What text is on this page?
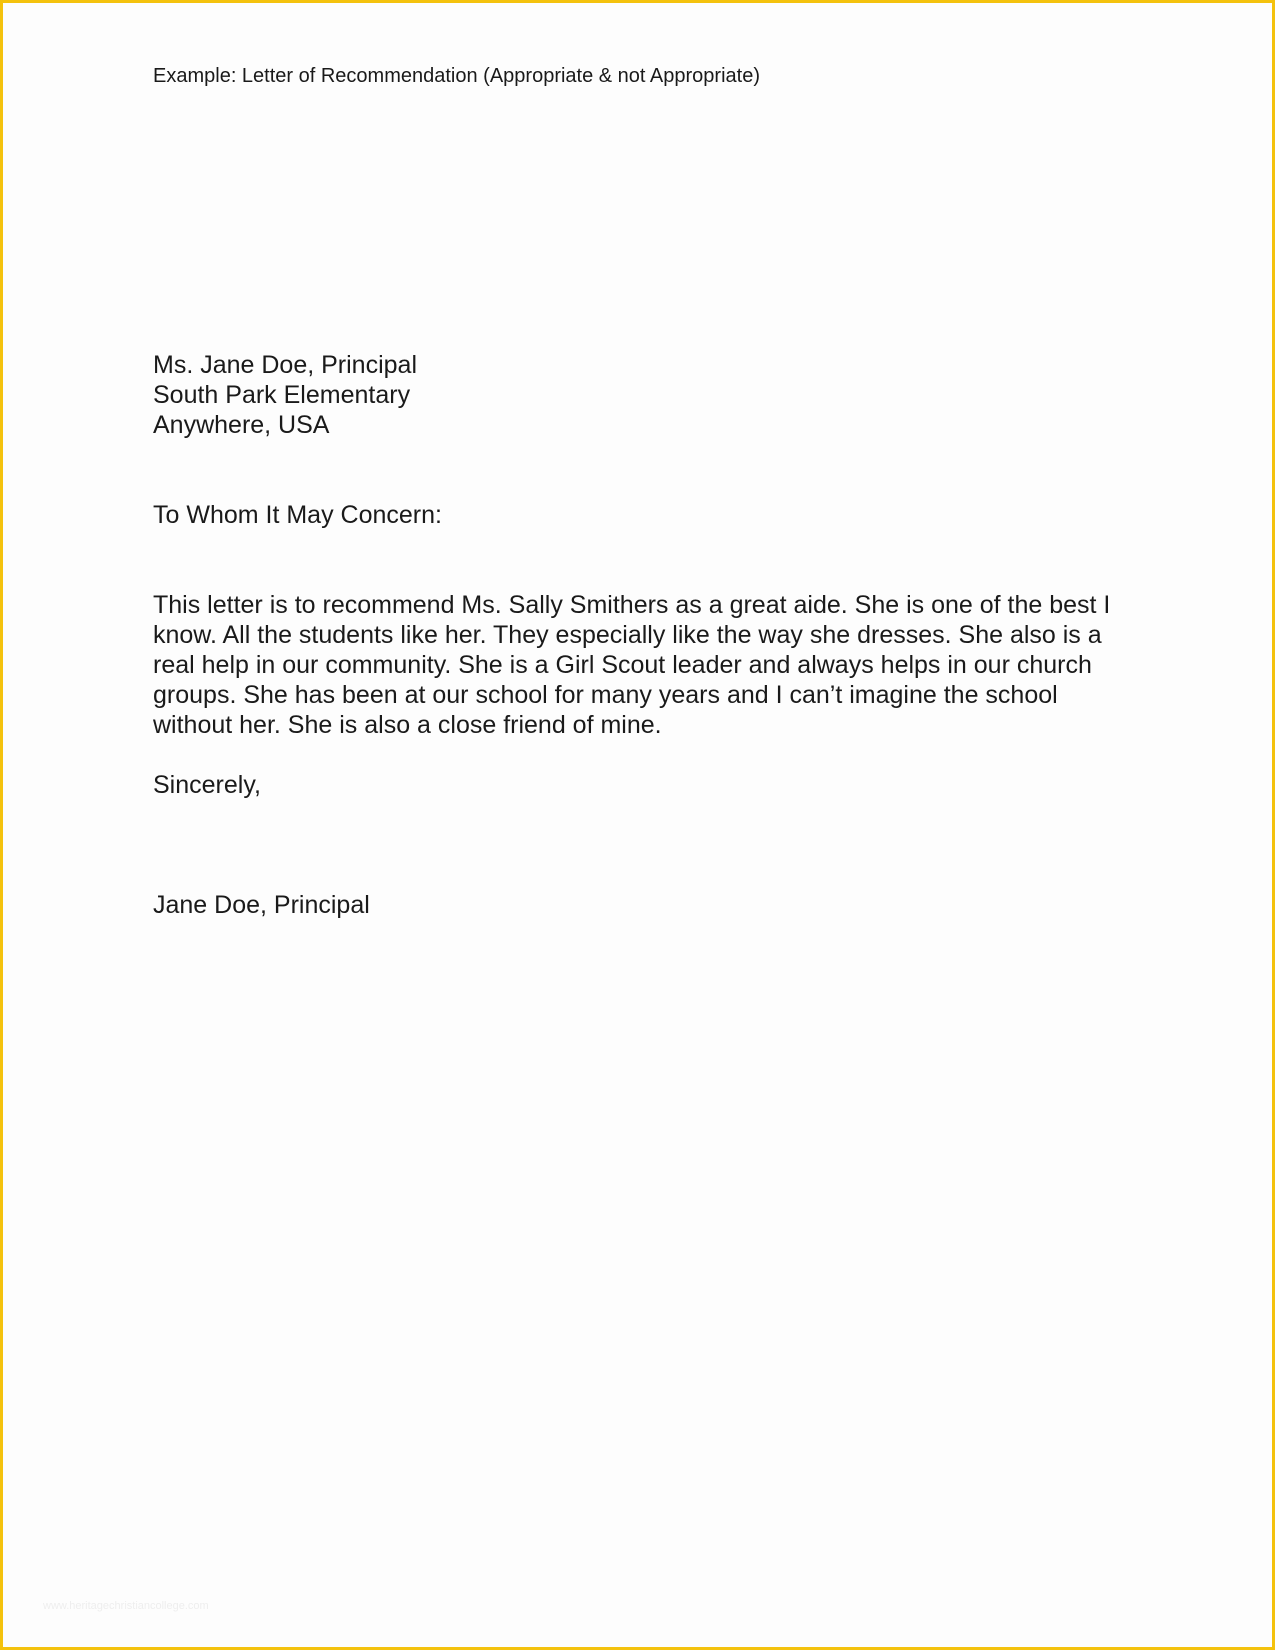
Example: Letter of Recommendation (Appropriate & not Appropriate)
Ms. Jane Doe, Principal
South Park Elementary
Anywhere, USA
To Whom It May Concern:
This letter is to recommend Ms. Sally Smithers as a great aide. She is one of the best I
know. All the students like her. They especially like the way she dresses. She also is a
real help in our community. She is a Girl Scout leader and always helps in our church
groups. She has been at our school for many years and I can’t imagine the school
without her. She is also a close friend of mine.
Sincerely,
Jane Doe, Principal
www.heritagechristiancollege.com
